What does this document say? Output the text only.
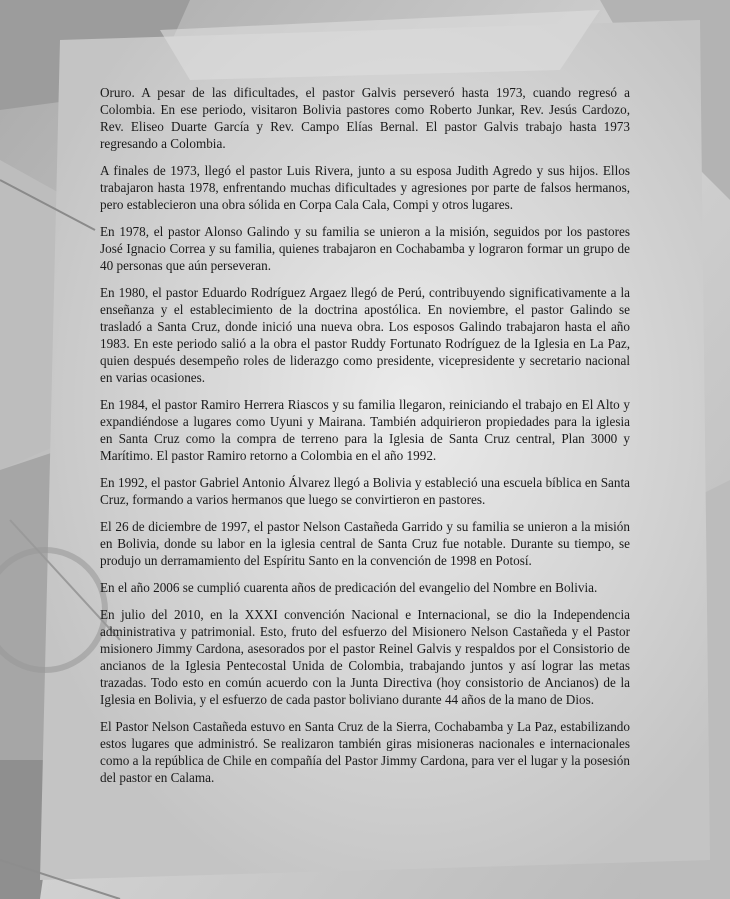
Oruro. A pesar de las dificultades, el pastor Galvis perseveró hasta 1973, cuando regresó a Colombia. En ese periodo, visitaron Bolivia pastores como Roberto Junkar, Rev. Jesús Cardozo, Rev. Eliseo Duarte García y Rev. Campo Elías Bernal. El pastor Galvis trabajo hasta 1973 regresando a Colombia.

A finales de 1973, llegó el pastor Luis Rivera, junto a su esposa Judith Agredo y sus hijos. Ellos trabajaron hasta 1978, enfrentando muchas dificultades y agresiones por parte de falsos hermanos, pero establecieron una obra sólida en Corpa Cala Cala, Compi y otros lugares.

En 1978, el pastor Alonso Galindo y su familia se unieron a la misión, seguidos por los pastores José Ignacio Correa y su familia, quienes trabajaron en Cochabamba y lograron formar un grupo de 40 personas que aún perseveran.

En 1980, el pastor Eduardo Rodríguez Argaez llegó de Perú, contribuyendo significativamente a la enseñanza y el establecimiento de la doctrina apostólica. En noviembre, el pastor Galindo se trasladó a Santa Cruz, donde inició una nueva obra. Los esposos Galindo trabajaron hasta el año 1983. En este periodo salió a la obra el pastor Ruddy Fortunato Rodríguez de la Iglesia en La Paz, quien después desempeño roles de liderazgo como presidente, vicepresidente y secretario nacional en varias ocasiones.

En 1984, el pastor Ramiro Herrera Riascos y su familia llegaron, reiniciando el trabajo en El Alto y expandiéndose a lugares como Uyuni y Mairana. También adquirieron propiedades para la iglesia en Santa Cruz como la compra de terreno para la Iglesia de Santa Cruz central, Plan 3000 y Marítimo. El pastor Ramiro retorno a Colombia en el año 1992.

En 1992, el pastor Gabriel Antonio Álvarez llegó a Bolivia y estableció una escuela bíblica en Santa Cruz, formando a varios hermanos que luego se convirtieron en pastores.

El 26 de diciembre de 1997, el pastor Nelson Castañeda Garrido y su familia se unieron a la misión en Bolivia, donde su labor en la iglesia central de Santa Cruz fue notable. Durante su tiempo, se produjo un derramamiento del Espíritu Santo en la convención de 1998 en Potosí.

En el año 2006 se cumplió cuarenta años de predicación del evangelio del Nombre en Bolivia.

En julio del 2010, en la XXXI convención Nacional e Internacional, se dio la Independencia administrativa y patrimonial. Esto, fruto del esfuerzo del Misionero Nelson Castañeda y el Pastor misionero Jimmy Cardona, asesorados por el pastor Reinel Galvis y respaldos por el Consistorio de ancianos de la Iglesia Pentecostal Unida de Colombia, trabajando juntos y así lograr las metas trazadas. Todo esto en común acuerdo con la Junta Directiva (hoy consistorio de Ancianos) de la Iglesia en Bolivia, y el esfuerzo de cada pastor boliviano durante 44 años de la mano de Dios.

El Pastor Nelson Castañeda estuvo en Santa Cruz de la Sierra, Cochabamba y La Paz, estabilizando estos lugares que administró. Se realizaron también giras misioneras nacionales e internacionales como a la república de Chile en compañía del Pastor Jimmy Cardona, para ver el lugar y la posesión del pastor en Calama.
